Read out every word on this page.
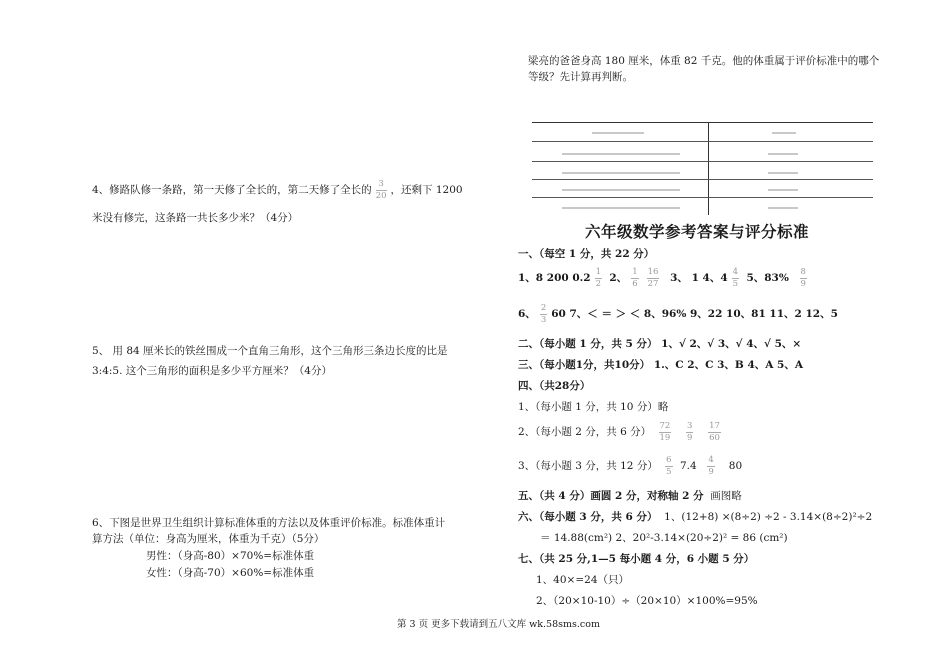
4、修路队修一条路，第一天修了全长的，第二天修了全长的 $\frac{3}{20}$ ，还剩下 1200
米没有修完，这条路一共长多少米？（4分）
5、 用 84 厘米长的铁丝围成一个直角三角形，这个三角形三条边长度的比是
3:4:5. 这个三角形的面积是多少平方厘米？（4分）
6、下图是世界卫生组织计算标准体重的方法以及体重评价标准。标准体重计
算方法（单位：身高为厘米，体重为千克）（5分）
男性：（身高-80）×70%=标准体重
女性：（身高-70）×60%=标准体重
梁亮的爸爸身高 180 厘米，体重 82 千克。他的体重属于评价标准中的哪个
等级？先计算再判断。
六年级数学参考答案与评分标准
一、（每空 1 分，共 22 分）
1、8 200 $0.2 \frac{1}{2} 2$、 $\frac{1}{6} \frac{16}{27} 3$、 1 4、$4 \frac{4}{5} 5$、$83\% \frac{8}{9}$
6、 $\frac{2}{3} 60$ 7、＜ ＝ ＞ ＜ 8、96% 9、22 10、81 11、2 12、5
二、（每小题 1 分，共 5 分） 1、√ 2、√ 3、√ 4、√ 5、×
三、（每小题1分，共10分） 1.、C 2、C 3、B 4、A 5、A
四、（共28分）
1、（每小题 1 分，共 10 分）略
2、（每小题 2 分，共 6 分） $\frac{72}{19}$
$\frac{3}{9}$
$\frac{17}{60}$
3、（每小题 3 分，共 12 分） $\frac{6}{5} 7.4 \frac{4}{9} 80$
五、（共 4 分）画圆 2 分，对称轴 2 分 画图略
六、（每小题 3 分，共 6 分） 1、(12+8) ×(8÷2) ÷2 - 3.14×(8÷2)²÷2
＝ 14.88(cm²) 2、20²-3.14×(20÷2)² = 86 (cm²)
七、（共 25 分,1—5 每小题 4 分，6 小题 5 分）
1、40×=24（只）
2、（20×10-10）÷（20×10）×100%=95%
第 3 页 更多下载请到五八文库 wk.58sms.com
